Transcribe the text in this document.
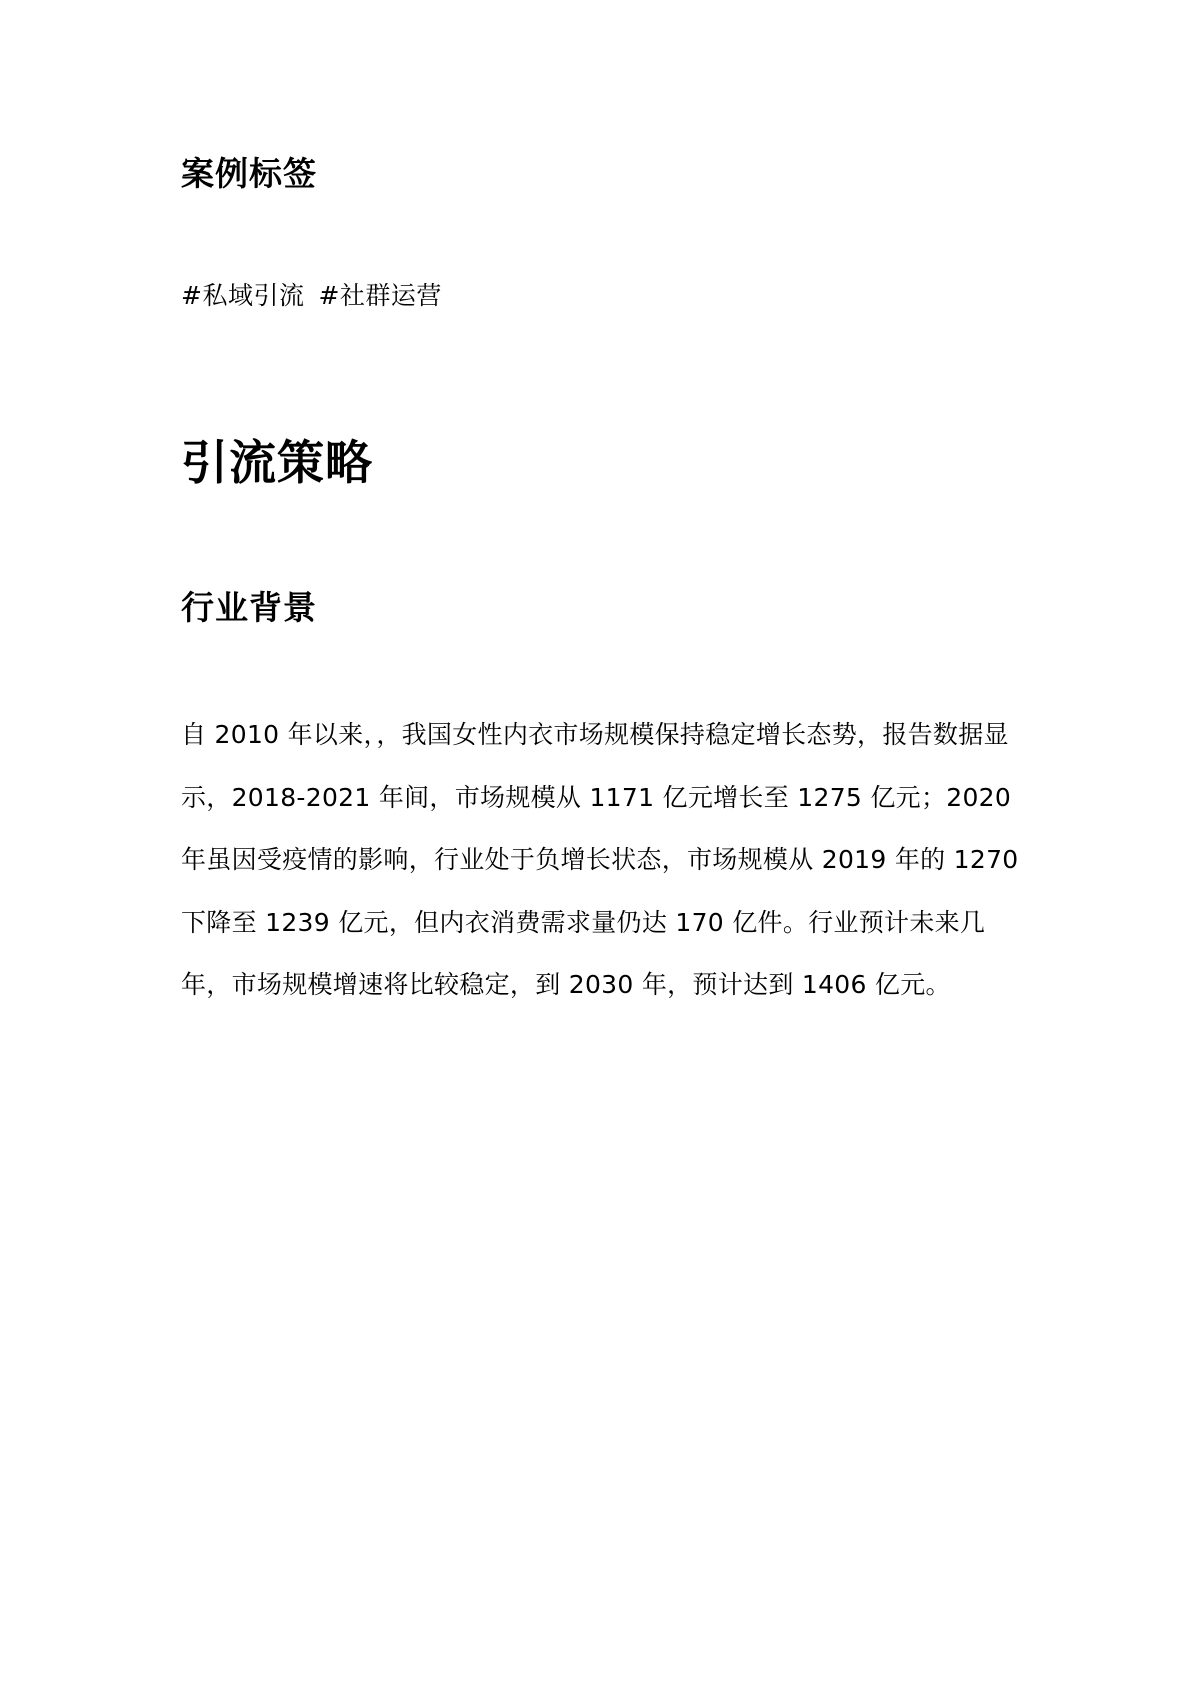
案例标签

#私域引流 #社群运营

引流策略
行业背景

自 2010 年以来，，我国女性内衣市场规模保持稳定增长态势，报告数据显示，2018-2021 年间，市场规模从 1171 亿元增长至 1275 亿元；2020 年虽因受疫情的影响，行业处于负增长状态，市场规模从 2019 年的 1270 下降至 1239 亿元，但内衣消费需求量仍达 170 亿件。行业预计未来几年，市场规模增速将比较稳定，到 2030 年，预计达到 1406 亿元。
